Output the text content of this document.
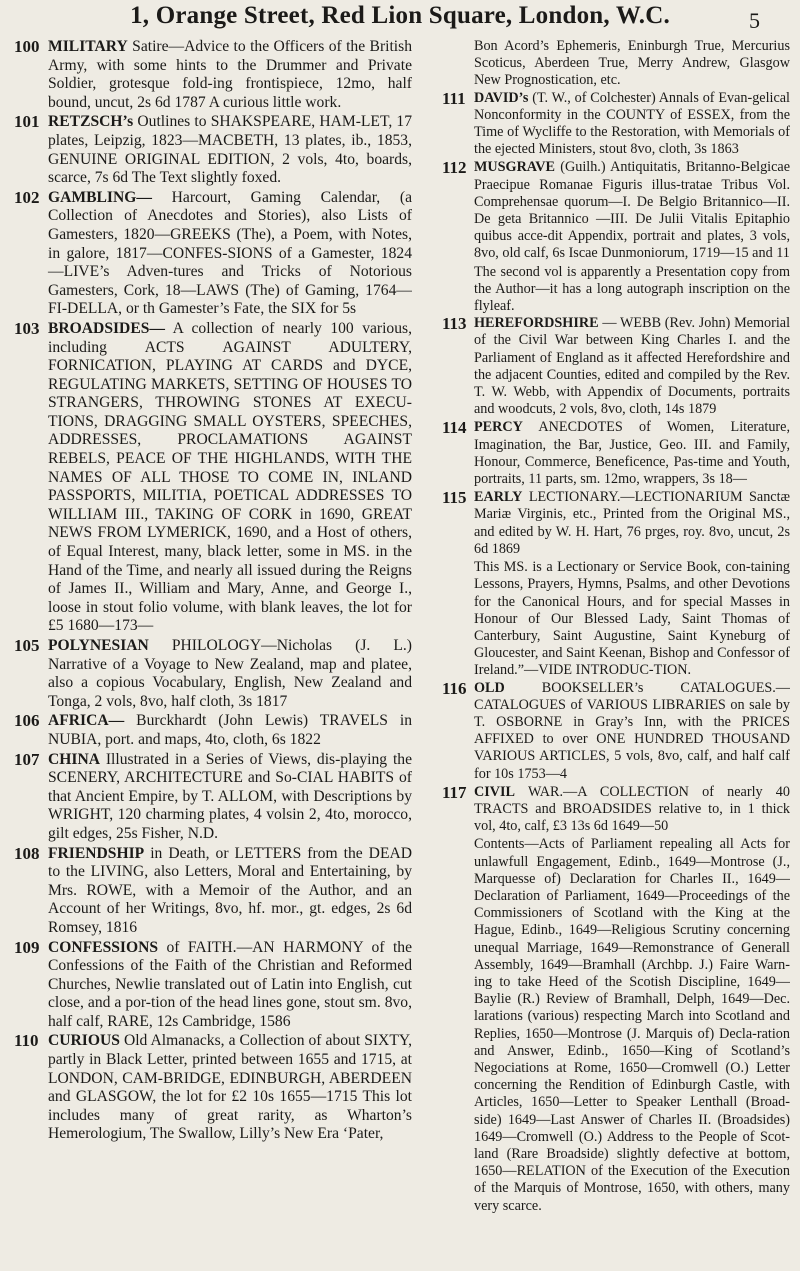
1, Orange Street, Red Lion Square, London, W.C.	5
100 MILITARY Satire—Advice to the Officers of the British Army, with some hints to the Drummer and Private Soldier, grotesque fold-ing frontispiece, 12mo, half bound, uncut, 2s 6d 1787 A curious little work.
101 RETZSCH’s Outlines to SHAKSPEARE, HAM-LET, 17 plates, Leipzig, 1823—MACBETH, 13 plates, ib., 1853, GENUINE ORIGINAL EDITION, 2 vols, 4to, boards, scarce, 7s 6d The Text slightly foxed.
102 GAMBLING— Harcourt, Gaming Calendar, (a Collection of Anecdotes and Stories), also Lists of Gamesters, 1820—GREEKS (The), a Poem, with Notes, in galore, 1817—CONFES-SIONS of a Gamester, 1824—LIVE’s Adven-tures and Tricks of Notorious Gamesters, Cork, 18—LAWS (The) of Gaming, 1764—FI-DELLA, or th Gamester’s Fate, the SIX for 5s
103 BROADSIDES— A collection of nearly 100 various, including ACTS AGAINST ADULTERY, FORNICATION, PLAYING AT CARDS and DYCE, REGULATING MARKETS, SETTING OF HOUSES TO STRANGERS, THROWING STONES AT EXECU-TIONS, DRAGGING SMALL OYSTERS, SPEECHES, ADDRESSES, PROCLAMATIONS AGAINST REBELS, PEACE OF THE HIGHLANDS, WITH THE NAMES OF ALL THOSE TO COME IN, INLAND PASSPORTS, MILITIA, POETICAL ADDRESSES TO WILLIAM III., TAKING OF CORK in 1690, GREAT NEWS FROM LYMERICK, 1690, and a Host of others, of Equal Interest, many, black letter, some in MS. in the Hand of the Time, and nearly all issued during the Reigns of James II., William and Mary, Anne, and George I., loose in stout folio volume, with blank leaves, the lot for £5 1680—173—
105 POLYNESIAN PHILOLOGY—Nicholas (J. L.) Narrative of a Voyage to New Zealand, map and platee, also a copious Vocabulary, English, New Zealand and Tonga, 2 vols, 8vo, half cloth, 3s 1817
106 AFRICA— Burckhardt (John Lewis) TRAVELS in NUBIA, port. and maps, 4to, cloth, 6s 1822
107 CHINA Illustrated in a Series of Views, dis-playing the SCENERY, ARCHITECTURE and So-CIAL HABITS of that Ancient Empire, by T. ALLOM, with Descriptions by WRIGHT, 120 charming plates, 4 volsin 2, 4to, morocco, gilt edges, 25s Fisher, N.D.
108 FRIENDSHIP in Death, or LETTERS from the DEAD to the LIVING, also Letters, Moral and Entertaining, by Mrs. ROWE, with a Memoir of the Author, and an Account of her Writings, 8vo, hf. mor., gt. edges, 2s 6d Romsey, 1816
109 CONFESSIONS of FAITH.—AN HARMONY of the Confessions of the Faith of the Christian and Reformed Churches, Newlie translated out of Latin into English, cut close, and a por-tion of the head lines gone, stout sm. 8vo, half calf, RARE, 12s Cambridge, 1586
110 CURIOUS Old Almanacks, a Collection of about SIXTY, partly in Black Letter, printed between 1655 and 1715, at LONDON, CAM-BRIDGE, EDINBURGH, ABERDEEN and GLASGOW, the lot for £2 10s 1655—1715 This lot includes many of great rarity, as Wharton’s Hemerologium, The Swallow, Lilly’s New Era ‘Pater,
Bon Acord’s Ephemeris, Eninburgh True, Mercurius Scoticus, Aberdeen True, Merry Andrew, Glasgow New Prognostication, etc.
111 DAVID’s (T. W., of Colchester) Annals of Evan-gelical Nonconformity in the COUNTY of ESSEX, from the Time of Wycliffe to the Restoration, with Memorials of the ejected Ministers, stout 8vo, cloth, 3s 1863
112 MUSGRAVE (Guilh.) Antiquitatis, Britanno-Belgicae Praecipue Romanae Figuris illus-tratae Tribus Vol. Comprehensae quorum—I. De Belgio Britannico—II. De geta Britannico —III. De Julii Vitalis Epitaphio quibus acce-dit Appendix, portrait and plates, 3 vols, 8vo, old calf, 6s Iscae Dunmoniorum, 1719—15 and 11
The second vol is apparently a Presentation copy from the Author—it has a long autograph inscription on the flyleaf.
113 HEREFORDSHIRE — WEBB (Rev. John) Memorial of the Civil War between King Charles I. and the Parliament of England as it affected Herefordshire and the adjacent Counties, edited and compiled by the Rev. T. W. Webb, with Appendix of Documents, portraits and woodcuts, 2 vols, 8vo, cloth, 14s 1879
114 PERCY ANECDOTES of Women, Literature, Imagination, the Bar, Justice, Geo. III. and Family, Honour, Commerce, Beneficence, Pas-time and Youth, portraits, 11 parts, sm. 12mo, wrappers, 3s 18—
115 EARLY LECTIONARY.—LECTIONARIUM Sanctæ Mariæ Virginis, etc., Printed from the Original MS., and edited by W. H. Hart, 76 prges, roy. 8vo, uncut, 2s 6d 1869
This MS. is a Lectionary or Service Book, con-taining Lessons, Prayers, Hymns, Psalms, and other Devotions for the Canonical Hours, and for special Masses in Honour of Our Blessed Lady, Saint Thomas of Canterbury, Saint Augustine, Saint Kyneburg of Gloucester, and Saint Keenan, Bishop and Confessor of Ireland.”—VIDE INTRODUC-TION.
116 OLD	BOOKSELLER’s CATALOGUES.—CATALOGUES of VARIOUS LIBRARIES on sale by T. OSBORNE in Gray’s Inn, with the PRICES AFFIXED to over ONE HUNDRED THOUSAND VARIOUS ARTICLES, 5 vols, 8vo, calf, and half calf for 10s 1753—4
117 CIVIL WAR.—A COLLECTION of nearly 40 TRACTS and BROADSIDES relative to, in 1 thick vol, 4to, calf, £3 13s 6d 1649—50
Contents—Acts of Parliament repealing all Acts for unlawfull Engagement, Edinb., 1649—Montrose (J., Marquesse of) Declaration for Charles II., 1649—Declaration of Parliament, 1649—Proceedings of the Commissioners of Scotland with the King at the Hague, Edinb., 1649—Religious Scrutiny concerning unequal Marriage, 1649—Remonstrance of Generall Assembly, 1649—Bramhall (Archbp. J.) Faire Warn-ing to take Heed of the Scotish Discipline, 1649—Baylie (R.) Review of Bramhall, Delph, 1649—Dec. larations (various) respecting March into Scotland and Replies, 1650—Montrose (J. Marquis of) Decla-ration and Answer, Edinb., 1650—King of Scotland’s Negociations at Rome, 1650—Cromwell (O.) Letter concerning the Rendition of Edinburgh Castle, with Articles, 1650—Letter to Speaker Lenthall (Broad-side) 1649—Last Answer of Charles II. (Broadsides) 1649—Cromwell (O.) Address to the People of Scot-land (Rare Broadside) slightly defective at bottom, 1650—RELATION of the Execution of the Execution of the Marquis of Montrose, 1650, with others, many very scarce.
